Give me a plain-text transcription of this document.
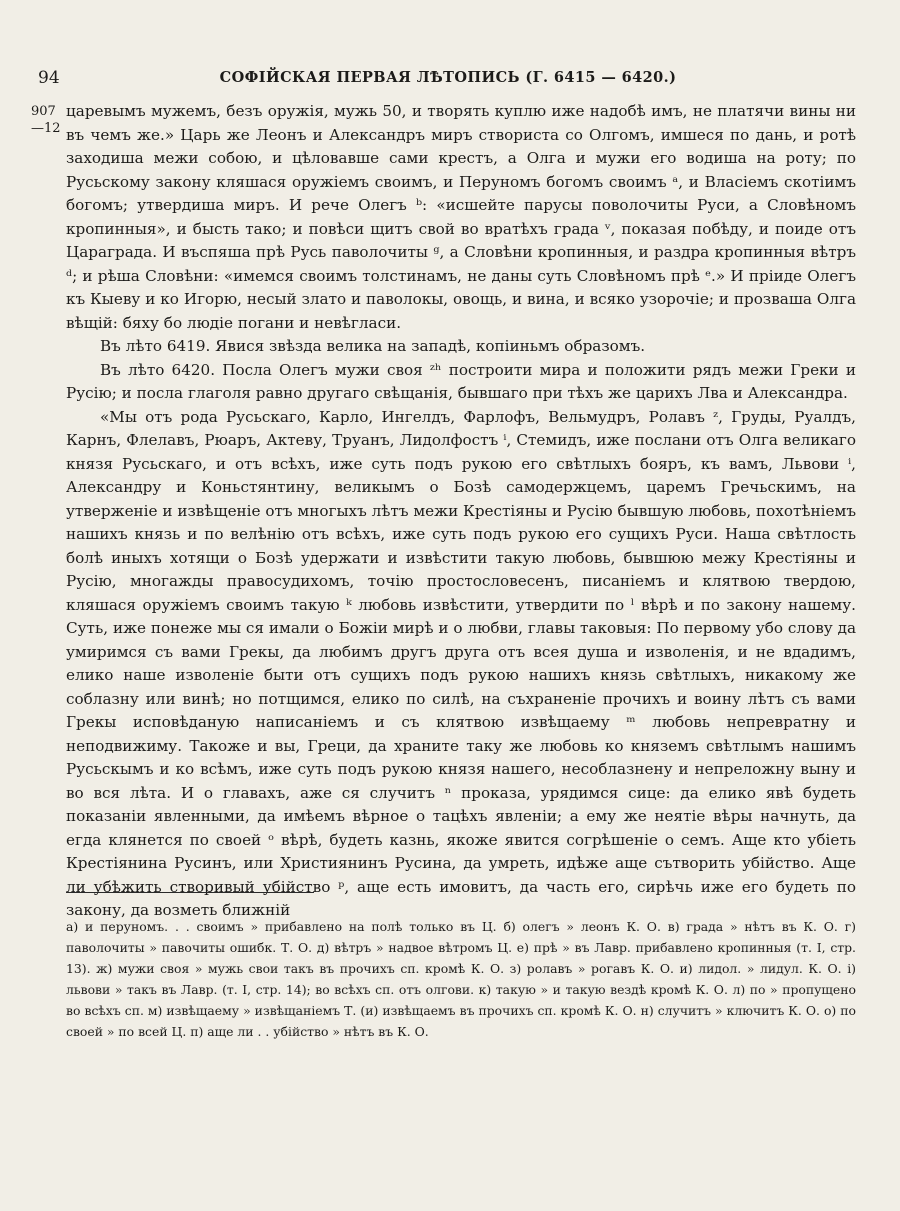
94	СОФІЙСКАЯ ПЕРВАЯ ЛѢТОПИСЬ (Г. 6415 — 6420.)
907 —12

царевымъ мужемъ, безъ оружія, мужь 50, и творять куплю иже надобѣ имъ, не платячи вины ни въ чемъ же.» Царь же Леонъ и Александръ миръ створиста со Олгомъ, имшеся по дань, и ротѣ заходиша межи собою, и цѣловавше сами крестъ, а Олга и мужи его водиша на роту; по Русьскому закону кляшася оружіемъ своимъ, и Перуномъ богомъ своимъ ᵃ, и Власіемъ скотіимъ богомъ; утвердиша миръ. И рече Олегъ ᵇ: «исшейте парусы поволочиты Руси, а Словѣномъ кропинныя», и бысть тако; и повѣси щитъ свой во вратѣхъ града ᵛ, показая побѣду, и поиде отъ Цараграда. И въспяша прѣ Русь паволочиты ᵍ, а Словѣни кропинныя, и раздра кропинныя вѣтръ ᵈ; и рѣша Словѣни: «имемся своимъ толстинамъ, не даны суть Словѣномъ прѣ ᵉ.» И пріиде Олегъ къ Кыеву и ко Игорю, несый злато и паволокы, овощь, и вина, и всяко узорочіе; и прозваша Олга вѣщій: бяху бо людіе погани и невѣгласи.

Въ лѣто 6419. Явися звѣзда велика на западѣ, копіиньмъ образомъ.

Въ лѣто 6420. Посла Олегъ мужи своя ᶻʰ построити мира и положити рядъ межи Греки и Русію; и посла глаголя равно другаго свѣщанія, бывшаго при тѣхъ же царихъ Лва и Александра.

«Мы отъ рода Русьскаго, Карло, Ингелдъ, Фарлофъ, Вельмудръ, Ролавъ ᶻ, Груды, Руалдъ, Карнъ, Флелавъ, Рюаръ, Актеву, Труанъ, Лидолфостъ ⁱ, Стемидъ, иже послани отъ Олга великаго князя Русьскаго, и отъ всѣхъ, иже суть подъ рукою его свѣтлыхъ бояръ, къ вамъ, Львови ⁱ, Александру и Коньстянтину, великымъ о Бозѣ самодержцемъ, царемъ Гречьскимъ, на утверженіе и извѣщеніе отъ многыхъ лѣтъ межи Крестіяны и Русію бывшую любовь, похотѣніемъ нашихъ князь и по велѣнію отъ всѣхъ, иже суть подъ рукою его сущихъ Руси. Наша свѣтлость болѣ иныхъ хотящи о Бозѣ удержати и извѣстити такую любовь, бывшюю межу Крестіяны и Русію, многажды правосудихомъ, точію простословесенъ, писаніемъ и клятвою твердою, кляшася оружіемъ своимъ такую ᵏ любовь извѣстити, утвердити по ˡ вѣрѣ и по закону нашему. Суть, иже понеже мы ся имали о Божіи мирѣ и о любви, главы таковыя: По первому убо слову да умиримся съ вами Грекы, да любимъ другъ друга отъ всея душа и изволенія, и не вдадимъ, елико наше изволеніе быти отъ сущихъ подъ рукою нашихъ князь свѣтлыхъ, никакому же соблазну или винѣ; но потщимся, елико по силѣ, на съхраненіе прочихъ и воину лѣтъ съ вами Грекы исповѣданую написаніемъ и съ клятвою извѣщаему ᵐ любовь непревратну и неподвижиму. Такоже и вы, Греци, да храните таку же любовь ко княземъ свѣтлымъ нашимъ Русьскымъ и ко всѣмъ, иже суть подъ рукою князя нашего, несоблазнену и непреложну выну и во вся лѣта. И о главахъ, аже ся случитъ ⁿ проказа, урядимся сице: да елико явѣ будеть показаніи явленными, да имѣемъ вѣрное о тацѣхъ явленіи; а ему же неятіе вѣры начнуть, да егда клянется по своей ᵒ вѣрѣ, будеть казнь, якоже явится согрѣшеніе о семъ. Аще кто убіеть Крестіянина Русинъ, или Християнинъ Русина, да умреть, идѣже аще сътворить убійство. Аще ли убѣжить створивый убійство ᵖ, аще есть имовитъ, да часть его, сирѣчь иже его будеть по закону, да возметь ближній

а) и перуномъ. . . своимъ » прибавлено на полѣ только въ Ц. б) олегъ » леонъ К. О. в) града » нѣтъ въ К. О. г) паволочиты » павочиты ошибк. Т. О. д) вѣтръ » надвое вѣтромъ Ц. е) прѣ » въ Лавр. прибавлено кропинныя (т. I, стр. 13). ж) мужи своя » мужь свои такъ въ прочихъ сп. кромѣ К. О. з) ролавъ » рогавъ К. О. и) лидол. » лидул. К. О. і) львови » такъ въ Лавр. (т. I, стр. 14); во всѣхъ сп. отъ олгови. к) такую » и такую вездѣ кромѣ К. О. л) по » пропущено во всѣхъ сп. м) извѣщаему » извѣщаніемъ Т. (и) извѣщаемъ въ прочихъ сп. кромѣ К. О. н) случитъ » ключитъ К. О. о) по своей » по всей Ц. п) аще ли . . убійство » нѣтъ въ К. О.
